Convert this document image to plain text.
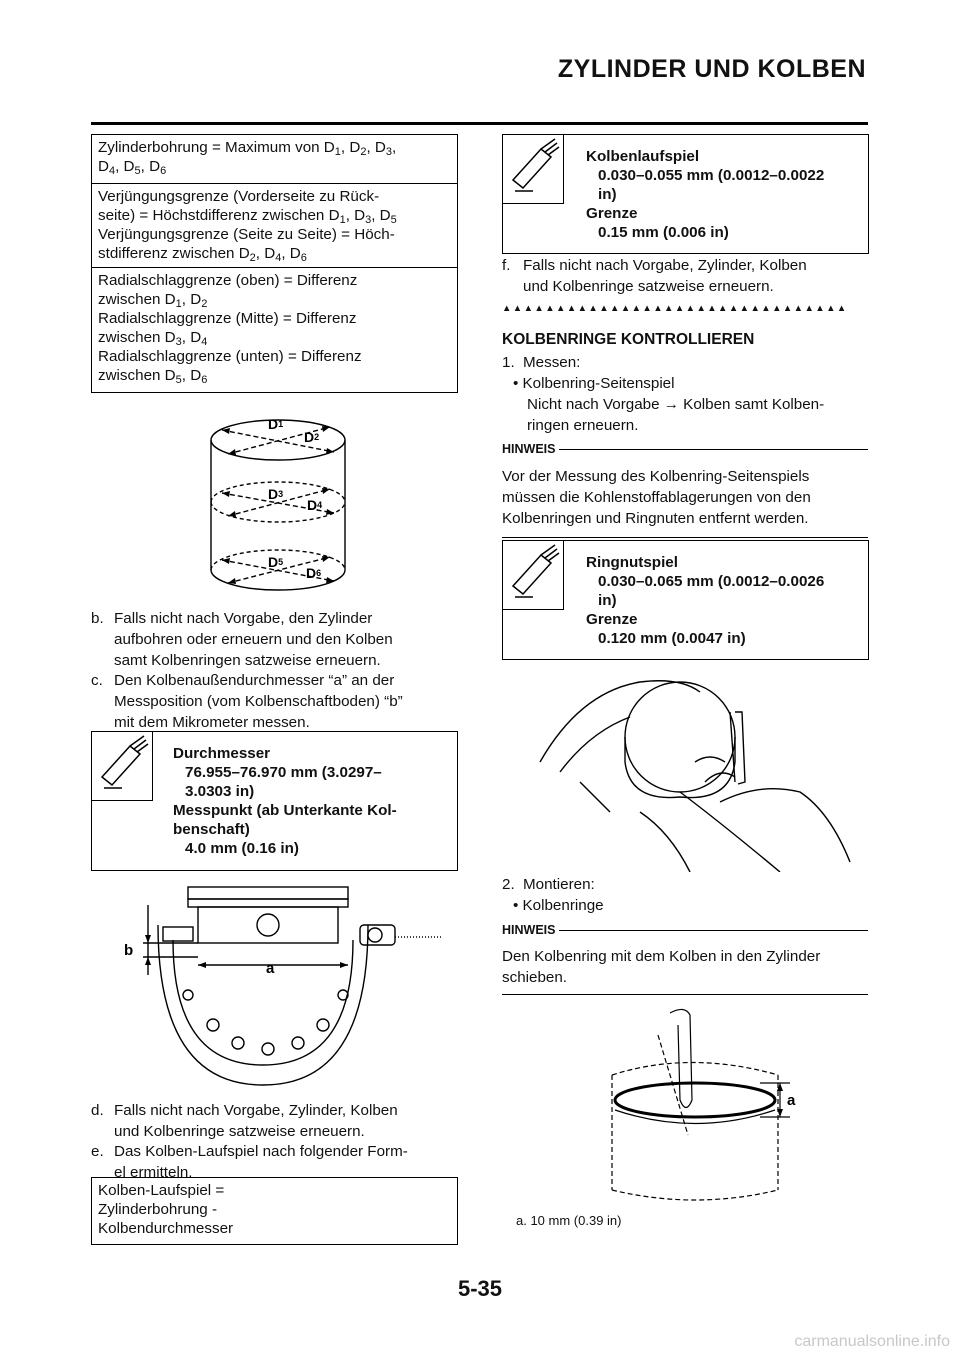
ZYLINDER UND KOLBEN
Zylinderbohrung = Maximum von $D_1$, $D_2$, $D_3$,
$D_4$, $D_5$, $D_6$
Verjüngungsgrenze (Vorderseite zu Rück-
seite) = Höchstdifferenz zwischen $D_1$, $D_3$, $D_5$
Verjüngungsgrenze (Seite zu Seite) = Höch-
stdifferenz zwischen $D_2$, $D_4$, $D_6$
Radialschlaggrenze (oben) = Differenz
zwischen $D_1$, $D_2$
Radialschlaggrenze (Mitte) = Differenz
zwischen $D_3$, $D_4$
Radialschlaggrenze (unten) = Differenz
zwischen $D_5$, $D_6$
D1
D2
D3
D4
D5
D6
b. Falls nicht nach Vorgabe, den Zylinder
aufbohren oder erneuern und den Kolben
samt Kolbenringen satzweise erneuern.
c. Den Kolbenaußendurchmesser “a” an der
Messposition (vom Kolbenschaftboden) “b”
mit dem Mikrometer messen.
Durchmesser
76.955–76.970 mm (3.0297–
3.0303 in)
Messpunkt (ab Unterkante Kol-
benschaft)
4.0 mm (0.16 in)
a
b
d. Falls nicht nach Vorgabe, Zylinder, Kolben
und Kolbenringe satzweise erneuern.
e. Das Kolben-Laufspiel nach folgender Form-
el ermitteln.
Kolben-Laufspiel =
Zylinderbohrung -
Kolbendurchmesser
Kolbenlaufspiel
0.030–0.055 mm (0.0012–0.0022
in)
Grenze
0.15 mm (0.006 in)
f. Falls nicht nach Vorgabe, Zylinder, Kolben
und Kolbenringe satzweise erneuern.
▲▲▲▲▲▲▲▲▲▲▲▲▲▲▲▲▲▲▲▲▲▲▲▲▲▲▲▲▲▲▲▲
KOLBENRINGE KONTROLLIEREN
1. Messen:
• Kolbenring-Seitenspiel
Nicht nach Vorgabe → Kolben samt Kolben-
ringen erneuern.
HINWEIS
Vor der Messung des Kolbenring-Seitenspiels
müssen die Kohlenstoffablagerungen von den
Kolbenringen und Ringnuten entfernt werden.
Ringnutspiel
0.030–0.065 mm (0.0012–0.0026
in)
Grenze
0.120 mm (0.0047 in)
2. Montieren:
• Kolbenringe
HINWEIS
Den Kolbenring mit dem Kolben in den Zylinder
schieben.
a
a. 10 mm (0.39 in)
5-35
carmanualsonline.info
